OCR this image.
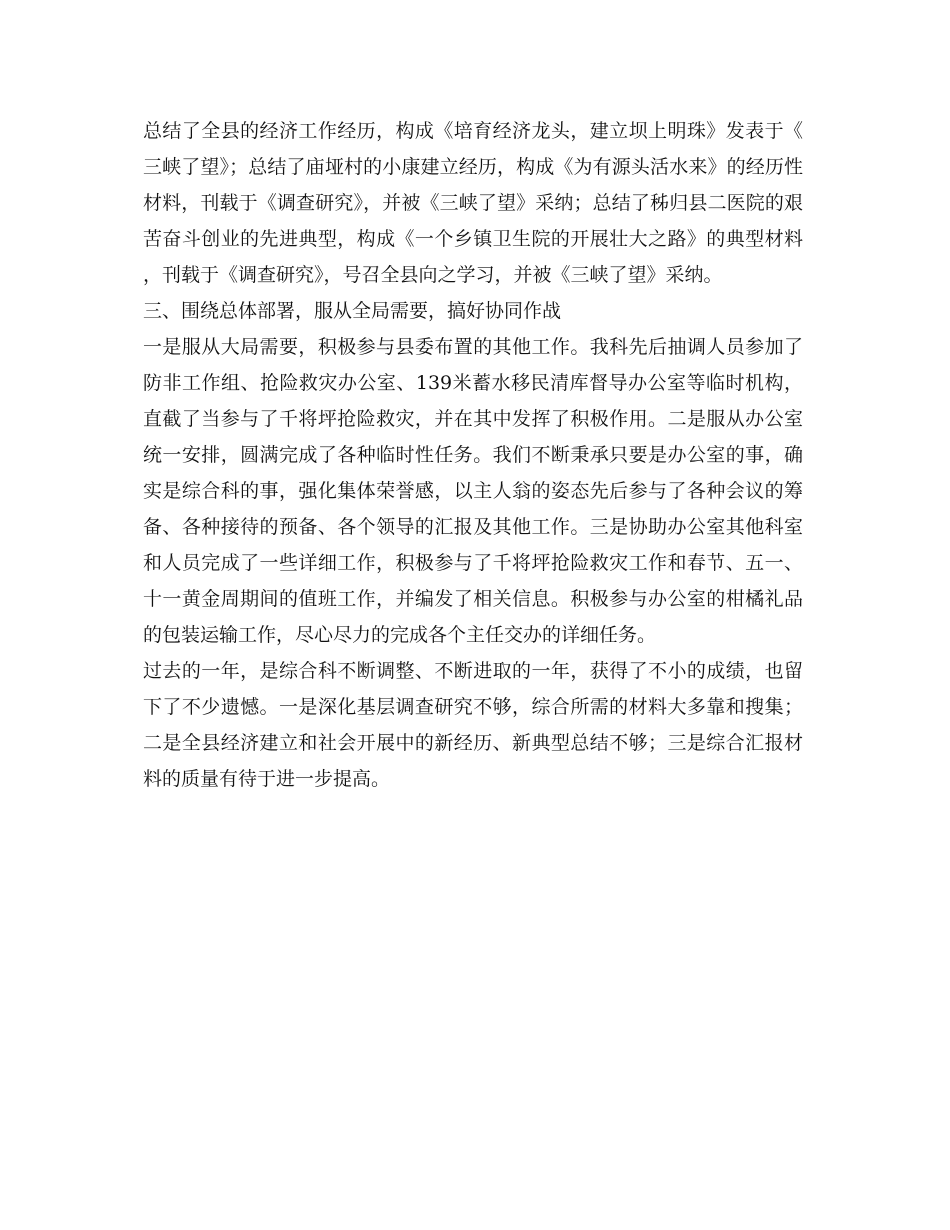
总结了全县的经济工作经历，构成《培育经济龙头，建立坝上明珠》发表于《三峡了望》；总结了庙垭村的小康建立经历，构成《为有源头活水来》的经历性材料，刊载于《调查研究》，并被《三峡了望》采纳；总结了秭归县二医院的艰苦奋斗创业的先进典型，构成《一个乡镇卫生院的开展壮大之路》的典型材料，刊载于《调查研究》，号召全县向之学习，并被《三峡了望》采纳。

三、围绕总体部署，服从全局需要，搞好协同作战

一是服从大局需要，积极参与县委布置的其他工作。我科先后抽调人员参加了防非工作组、抢险救灾办公室、139米蓄水移民清库督导办公室等临时机构，直截了当参与了千将坪抢险救灾，并在其中发挥了积极作用。二是服从办公室统一安排，圆满完成了各种临时性任务。我们不断秉承只要是办公室的事，确实是综合科的事，强化集体荣誉感，以主人翁的姿态先后参与了各种会议的筹备、各种接待的预备、各个领导的汇报及其他工作。三是协助办公室其他科室和人员完成了一些详细工作，积极参与了千将坪抢险救灾工作和春节、五一、十一黄金周期间的值班工作，并编发了相关信息。积极参与办公室的柑橘礼品的包装运输工作，尽心尽力的完成各个主任交办的详细任务。

过去的一年，是综合科不断调整、不断进取的一年，获得了不小的成绩，也留下了不少遗憾。一是深化基层调查研究不够，综合所需的材料大多靠和搜集；二是全县经济建立和社会开展中的新经历、新典型总结不够；三是综合汇报材料的质量有待于进一步提高。
